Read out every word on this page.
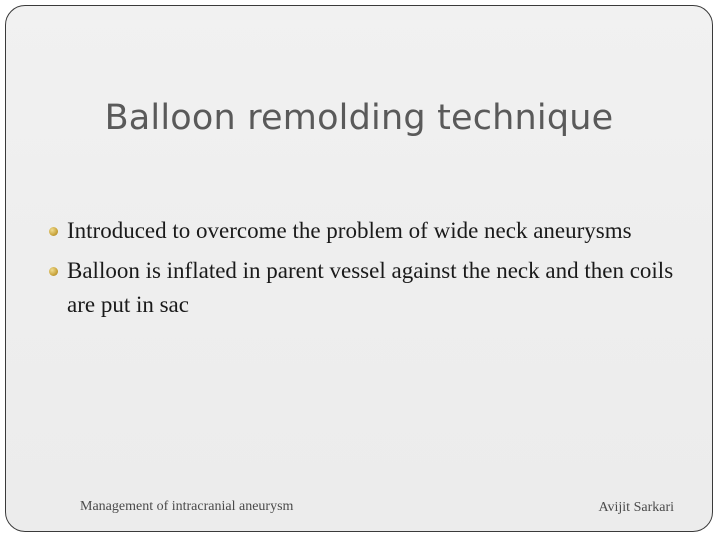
Balloon remolding technique
Introduced to overcome the problem of wide neck aneurysms
Balloon is inflated in parent vessel against the neck and then coils are put in sac
Management of intracranial aneurysm	Avijit Sarkari
